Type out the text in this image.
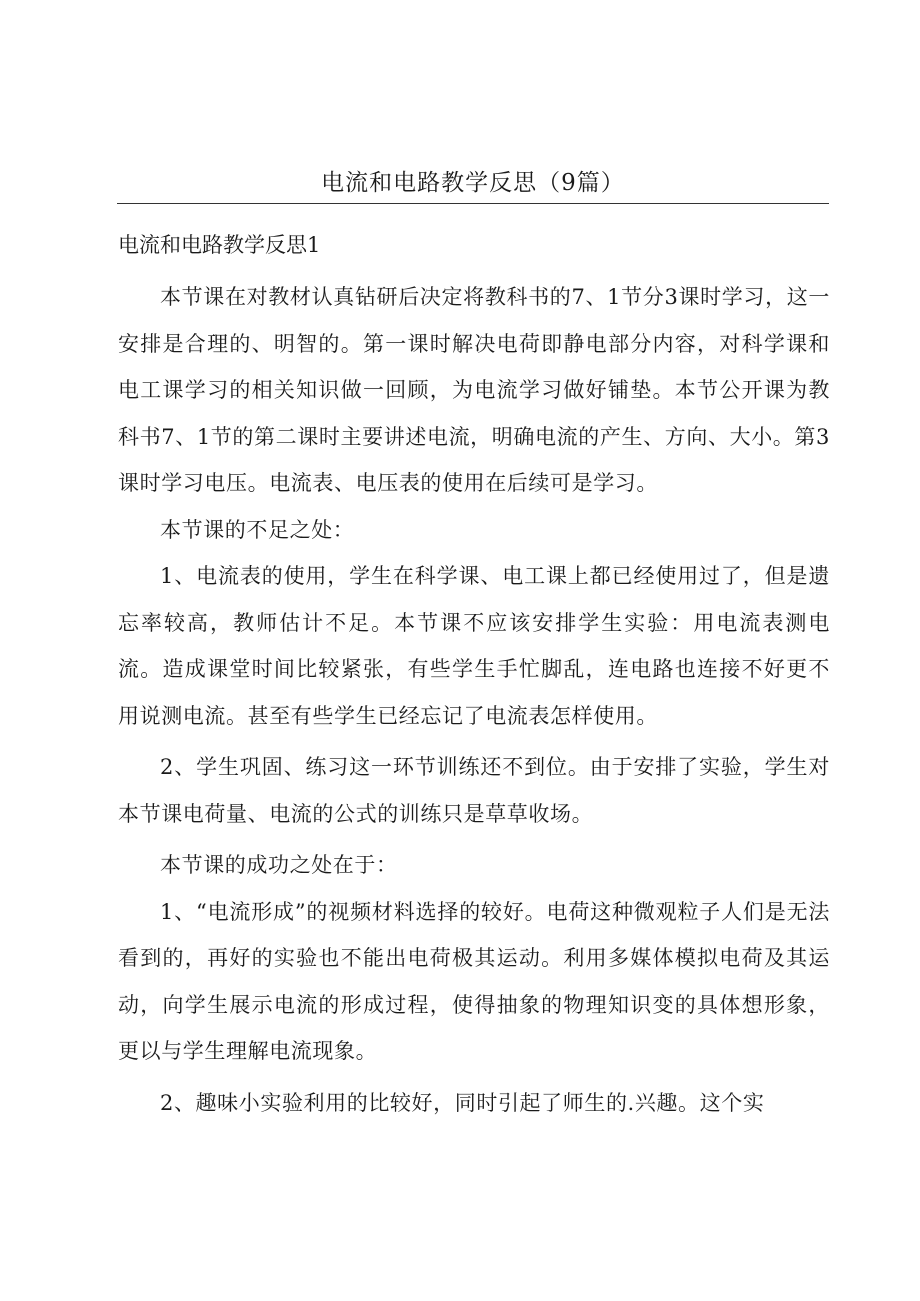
电流和电路教学反思（9篇）
电流和电路教学反思1

本节课在对教材认真钻研后决定将教科书的7、1节分3课时学习，这一安排是合理的、明智的。第一课时解决电荷即静电部分内容，对科学课和电工课学习的相关知识做一回顾，为电流学习做好铺垫。本节公开课为教科书7、1节的第二课时主要讲述电流，明确电流的产生、方向、大小。第3课时学习电压。电流表、电压表的使用在后续可是学习。

本节课的不足之处：

1、电流表的使用，学生在科学课、电工课上都已经使用过了，但是遗忘率较高，教师估计不足。本节课不应该安排学生实验：用电流表测电流。造成课堂时间比较紧张，有些学生手忙脚乱，连电路也连接不好更不用说测电流。甚至有些学生已经忘记了电流表怎样使用。

2、学生巩固、练习这一环节训练还不到位。由于安排了实验，学生对本节课电荷量、电流的公式的训练只是草草收场。

本节课的成功之处在于：

1、“电流形成”的视频材料选择的较好。电荷这种微观粒子人们是无法看到的，再好的实验也不能出电荷极其运动。利用多媒体模拟电荷及其运动，向学生展示电流的形成过程，使得抽象的物理知识变的具体想形象，更以与学生理解电流现象。

2、趣味小实验利用的比较好，同时引起了师生的.兴趣。这个实
